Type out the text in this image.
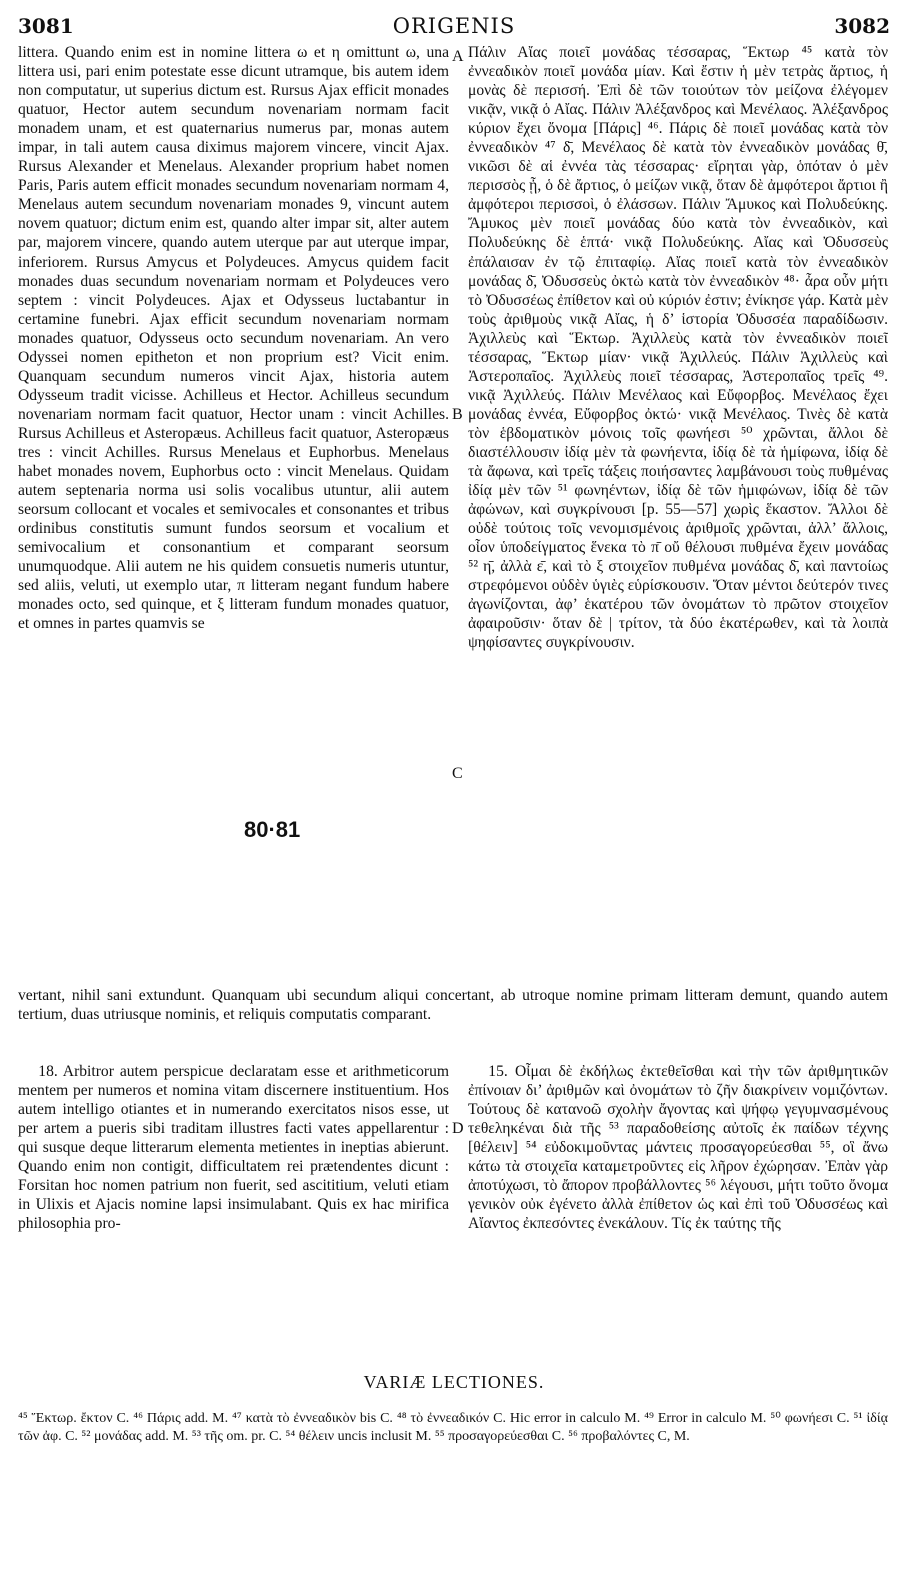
3081	ORIGENIS	3082

littera. Quando enim est in nomine littera ω et η omittunt ω, una littera usi, pari enim potestate esse dicunt utramque, bis autem idem non computatur, ut superius dictum est. Rursus Ajax efficit monades quatuor, Hector autem secundum novenariam normam facit monadem unam, et est quaternarius numerus par, monas autem impar, in tali autem causa diximus majorem vincere, vincit Ajax. Rursus Alexander et Menelaus. Alexander proprium habet nomen Paris, Paris autem efficit monades secundum novenariam normam 4, Menelaus autem secundum novenariam monades 9, vincunt autem novem quatuor; dictum enim est, quando alter impar sit, alter autem par, majorem vincere, quando autem uterque par aut uterque impar, inferiorem. Rursus Amycus et Polydeuces. Amycus quidem facit monades duas secundum novenariam normam et Polydeuces vero septem : vincit Polydeuces. Ajax et Odysseus luctabantur in certamine funebri. Ajax efficit secundum novenariam normam monades quatuor, Odysseus octo secundum novenariam. An vero Odyssei nomen epitheton et non proprium est? Vicit enim. Quanquam secundum numeros vincit Ajax, historia autem Odysseum tradit vicisse. Achilleus et Hector. Achilleus secundum novenariam normam facit quatuor, Hector unam : vincit Achilles. Rursus Achilleus et Asteropæus. Achilleus facit quatuor, Asteropæus tres : vincit Achilles. Rursus Menelaus et Euphorbus. Menelaus habet monades novem, Euphorbus octo : vincit Menelaus. Quidam autem septenaria norma usi solis vocalibus utuntur, alii autem seorsum collocant et vocales et semivocales et consonantes et tribus ordinibus constitutis sumunt fundos seorsum et vocalium et semivocalium et consonantium et comparant seorsum unumquodque. Alii autem ne his quidem consuetis numeris utuntur, sed aliis, veluti, ut exemplo utar, π litteram negant fundum habere monades octo, sed quinque, et ξ litteram fundum monades quatuor, et omnes in partes quamvis se

Πάλιν Αἴας ποιεῖ μονάδας τέσσαρας, Ἕκτωρ ⁴⁵ κατὰ τὸν ἐννεαδικὸν ποιεῖ μονάδα μίαν. Καὶ ἔστιν ἡ μὲν τετρὰς ἄρτιος, ἡ μονὰς δὲ περισσή. Ἐπὶ δὲ τῶν τοιούτων τὸν μείζονα ἐλέγομεν νικᾷν, νικᾷ ὁ Αἴας. Πάλιν Ἀλέξανδρος καὶ Μενέλαος. Ἀλέξανδρος κύριον ἔχει ὄνομα [Πάρις] ⁴⁶. Πάρις δὲ ποιεῖ μονάδας κατὰ τὸν ἐννεαδικὸν ⁴⁷ δ̄, Μενέλαος δὲ κατὰ τὸν ἐννεαδικὸν μονάδας θ̄, νικῶσι δὲ αἱ ἐννέα τὰς τέσσαρας· εἴρηται γὰρ, ὁπόταν ὁ μὲν περισσὸς ᾖ, ὁ δὲ ἄρτιος, ὁ μείζων νικᾷ, ὅταν δὲ ἀμφότεροι ἄρτιοι ἢ ἀμφότεροι περισσοὶ, ὁ ἐλάσσων. Πάλιν Ἄμυκος καὶ Πολυδεύκης. Ἄμυκος μὲν ποιεῖ μονάδας δύο κατὰ τὸν ἐννεαδικὸν, καὶ Πολυδεύκης δὲ ἑπτά· νικᾷ Πολυδεύκης. Αἴας καὶ Ὀδυσσεὺς ἐπάλαισαν ἐν τῷ ἐπιταφίῳ. Αἴας ποιεῖ κατὰ τὸν ἐννεαδικὸν μονάδας δ̄, Ὀδυσσεὺς ὀκτὼ κατὰ τὸν ἐννεαδικὸν ⁴⁸· ἆρα οὖν μήτι τὸ Ὀδυσσέως ἐπίθετον καὶ οὐ κύριόν ἐστιν; ἐνίκησε γάρ. Κατὰ μὲν τοὺς ἀριθμοὺς νικᾷ Αἴας, ἡ δ’ ἱστορία Ὀδυσσέα παραδίδωσιν. Ἀχιλλεὺς καὶ Ἕκτωρ. Ἀχιλλεὺς κατὰ τὸν ἐννεαδικὸν ποιεῖ τέσσαρας, Ἕκτωρ μίαν· νικᾷ Ἀχιλλεύς. Πάλιν Ἀχιλλεὺς καὶ Ἀστεροπαῖος. Ἀχιλλεὺς ποιεῖ τέσσαρας, Ἀστεροπαῖος τρεῖς ⁴⁹. νικᾷ Ἀχιλλεύς. Πάλιν Μενέλαος καὶ Εὔφορβος. Μενέλαος ἔχει μονάδας ἐννέα, Εὔφορβος ὀκτώ· νικᾷ Μενέλαος. Τινὲς δὲ κατὰ τὸν ἑβδοματικὸν μόνοις τοῖς φωνήεσι ⁵⁰ χρῶνται, ἄλλοι δὲ διαστέλλουσιν ἰδίᾳ μὲν τὰ φωνήεντα, ἰδίᾳ δὲ τὰ ἡμίφωνα, ἰδίᾳ δὲ τὰ ἄφωνα, καὶ τρεῖς τάξεις ποιήσαντες λαμβάνουσι τοὺς πυθμένας ἰδίᾳ μὲν τῶν ⁵¹ φωνηέντων, ἰδίᾳ δὲ τῶν ἡμιφώνων, ἰδίᾳ δὲ τῶν ἀφώνων, καὶ συγκρίνουσι [p. 55—57] χωρὶς ἕκαστον. Ἄλλοι δὲ οὐδὲ τούτοις τοῖς νενομισμένοις ἀριθμοῖς χρῶνται, ἀλλ’ ἄλλοις, οἷον ὑποδείγματος ἕνεκα τὸ π̄ οὔ θέλουσι πυθμένα ἔχειν μονάδας ⁵² η̄, ἀλλὰ ε̄, καὶ τὸ ξ στοιχεῖον πυθμένα μονάδας δ̄, καὶ παντοίως στρεφόμενοι οὐδὲν ὑγιὲς εὑρίσκουσιν. Ὅταν μέντοι δεύτερόν τινες ἀγωνίζονται, ἀφ’ ἑκατέρου τῶν ὀνομάτων τὸ πρῶτον στοιχεῖον ἀφαιροῦσιν· ὅταν δὲ | τρίτον, τὰ δύο ἑκατέρωθεν, καὶ τὰ λοιπὰ ψηφίσαντες συγκρίνουσιν.

A
B
C
D
80·81

vertant, nihil sani extundunt. Quanquam ubi secundum aliqui concertant, ab utroque nomine primam litteram demunt, quando autem tertium, duas utriusque nominis, et reliquis computatis comparant.

18. Arbitror autem perspicue declaratam esse et arithmeticorum mentem per numeros et nomina vitam discernere instituentium. Hos autem intelligo otiantes et in numerando exercitatos nisos esse, ut per artem a pueris sibi traditam illustres facti vates appellarentur : qui susque deque litterarum elementa metientes in ineptias abierunt. Quando enim non contigit, difficultatem rei prætendentes dicunt : Forsitan hoc nomen patrium non fuerit, sed ascititium, veluti etiam in Ulixis et Ajacis nomine lapsi insimulabant. Quis ex hac mirifica philosophia pro-

15. Οἶμαι δὲ ἐκδήλως ἐκτεθεῖσθαι καὶ τὴν τῶν ἀριθμητικῶν ἐπίνοιαν δι’ ἀριθμῶν καὶ ὀνομάτων τὸ ζῆν διακρίνειν νομιζόντων. Τούτους δὲ κατανοῶ σχολὴν ἄγοντας καὶ ψήφῳ γεγυμνασμένους τεθεληκέναι διὰ τῆς ⁵³ παραδοθείσης αὐτοῖς ἐκ παίδων τέχνης [θέλειν] ⁵⁴ εὐδοκιμοῦντας μάντεις προσαγορεύεσθαι ⁵⁵, οἳ ἄνω κάτω τὰ στοιχεῖα καταμετροῦντες εἰς λῆρον ἐχώρησαν. Ἐπὰν γὰρ ἀποτύχωσι, τὸ ἄπορον προβάλλοντες ⁵⁶ λέγουσι, μήτι τοῦτο ὄνομα γενικὸν οὐκ ἐγένετο ἀλλὰ ἐπίθετον ὡς καὶ ἐπὶ τοῦ Ὀδυσσέως καὶ Αἴαντος ἐκπεσόντες ἐνεκάλουν. Τίς ἐκ ταύτης τῆς

VARIÆ LECTIONES.
⁴⁵ Ἕκτωρ. ἔκτον C. ⁴⁶ Πάρις add. M. ⁴⁷ κατὰ τὸ ἐννεαδικὸν bis C. ⁴⁸ τὸ ἐννεαδικόν C. Hic error in calculo M. ⁴⁹ Error in calculo M. ⁵⁰ φωνήεσι C. ⁵¹ ἰδίᾳ τῶν ἀφ. C. ⁵² μονάδας add. M. ⁵³ τῆς om. pr. C. ⁵⁴ θέλειν uncis inclusit M. ⁵⁵ προσαγορεύεσθαι C. ⁵⁶ προβαλόντες C, M.
